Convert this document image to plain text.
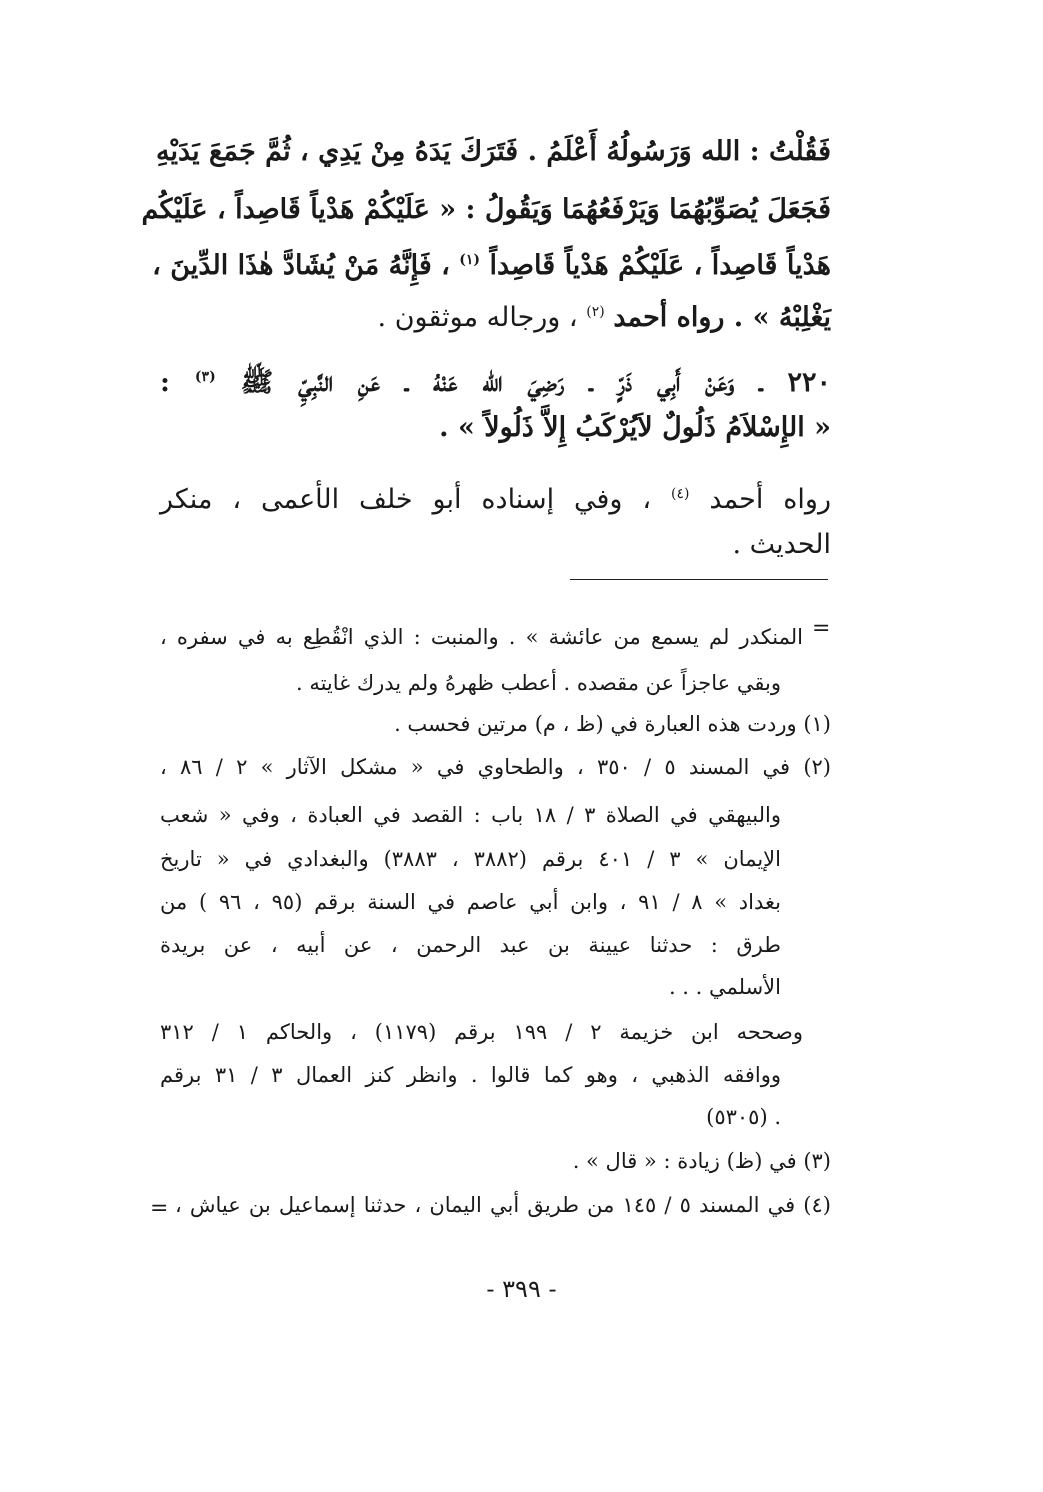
فَقُلْتُ : الله وَرَسُولُهُ أَعْلَمُ . فَتَرَكَ يَدَهُ مِنْ يَدِي ، ثُمَّ جَمَعَ يَدَيْهِ
فَجَعَلَ يُصَوِّبُهُمَا وَيَرْفَعُهُمَا وَيَقُولُ : « عَلَيْكُمْ هَدْياً قَاصِداً ، عَلَيْكُم
هَدْياً قَاصِداً ، عَلَيْكُمْ هَدْياً قَاصِداً $^{(١)}$ ، فَإِنَّهُ مَنْ يُشَادَّ هٰذَا الدِّينَ ،
يَغْلِبْهُ » . رواه أحمد $^{(٢)}$ ، ورجاله موثقون .
٢٢٠ ـ وَعَنْ أَبِي ذَرٍّ ـ رَضِيَ الله عَنْهُ ـ عَنِ النَّبِيِّ ﷺ $^{(٣)}$ :
« الإِسْلاَمُ ذَلُولٌ لاَيُرْكَبُ إِلاَّ ذَلُولاً » .
رواه أحمد $^{(٤)}$ ، وفي إسناده أبو خلف الأعمى ، منكر
الحديث .
=
المنكدر لم يسمع من عائشة » . والمنبت : الذي انْقُطِع به في سفره ،
وبقي عاجزاً عن مقصده . أعطب ظهرهُ ولم يدرك غايته .
(١) وردت هذه العبارة في (ظ ، م) مرتين فحسب .
(٢) في المسند ٥ / ٣٥٠ ، والطحاوي في « مشكل الآثار » ٢ / ٨٦ ،
والبيهقي في الصلاة ٣ / ١٨ باب : القصد في العبادة ، وفي « شعب
الإيمان » ٣ / ٤٠١ برقم (٣٨٨٢ ، ٣٨٨٣) والبغدادي في « تاريخ
بغداد » ٨ / ٩١ ، وابن أبي عاصم في السنة برقم (٩٥ ، ٩٦ ) من
طرق : حدثنا عيينة بن عبد الرحمن ، عن أبيه ، عن بريدة
الأسلمي . . .
وصححه ابن خزيمة ٢ / ١٩٩ برقم (١١٧٩) ، والحاكم ١ / ٣١٢
ووافقه الذهبي ، وهو كما قالوا . وانظر كنز العمال ٣ / ٣١ برقم
(٥٣٠٥) .
(٣) في (ظ) زيادة : « قال » .
(٤) في المسند ٥ / ١٤٥ من طريق أبي اليمان ، حدثنا إسماعيل بن عياش ،
=
- ٣٩٩ -
